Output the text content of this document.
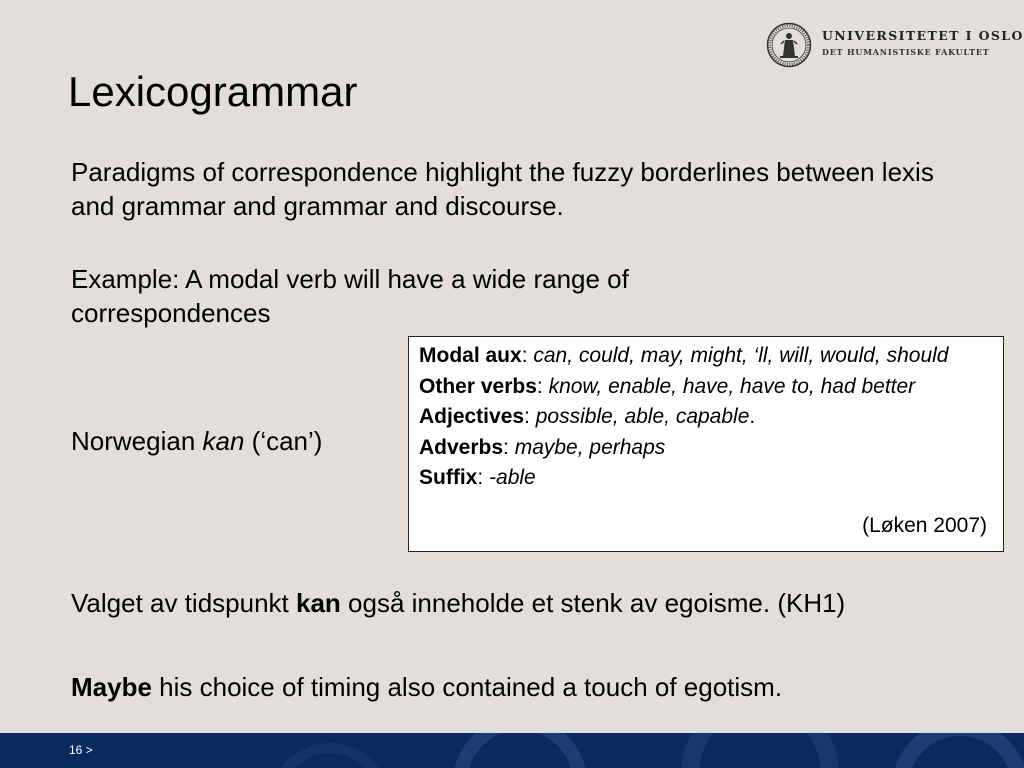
UNIVERSITETET I OSLO
DET HUMANISTISKE FAKULTET
Lexicogrammar

Paradigms of correspondence highlight the fuzzy borderlines between lexis and grammar and grammar and discourse.

Example: A modal verb will have a wide range of correspondences

Norwegian kan (‘can’)

Modal aux: can, could, may, might, ‘ll, will, would, should

Other verbs: know, enable, have, have to, had better

Adjectives: possible, able, capable.

Adverbs: maybe, perhaps

Suffix: -able

(Løken 2007)

Valget av tidspunkt kan også inneholde et stenk av egoisme. (KH1)

Maybe his choice of timing also contained a touch of egotism.

16 >
